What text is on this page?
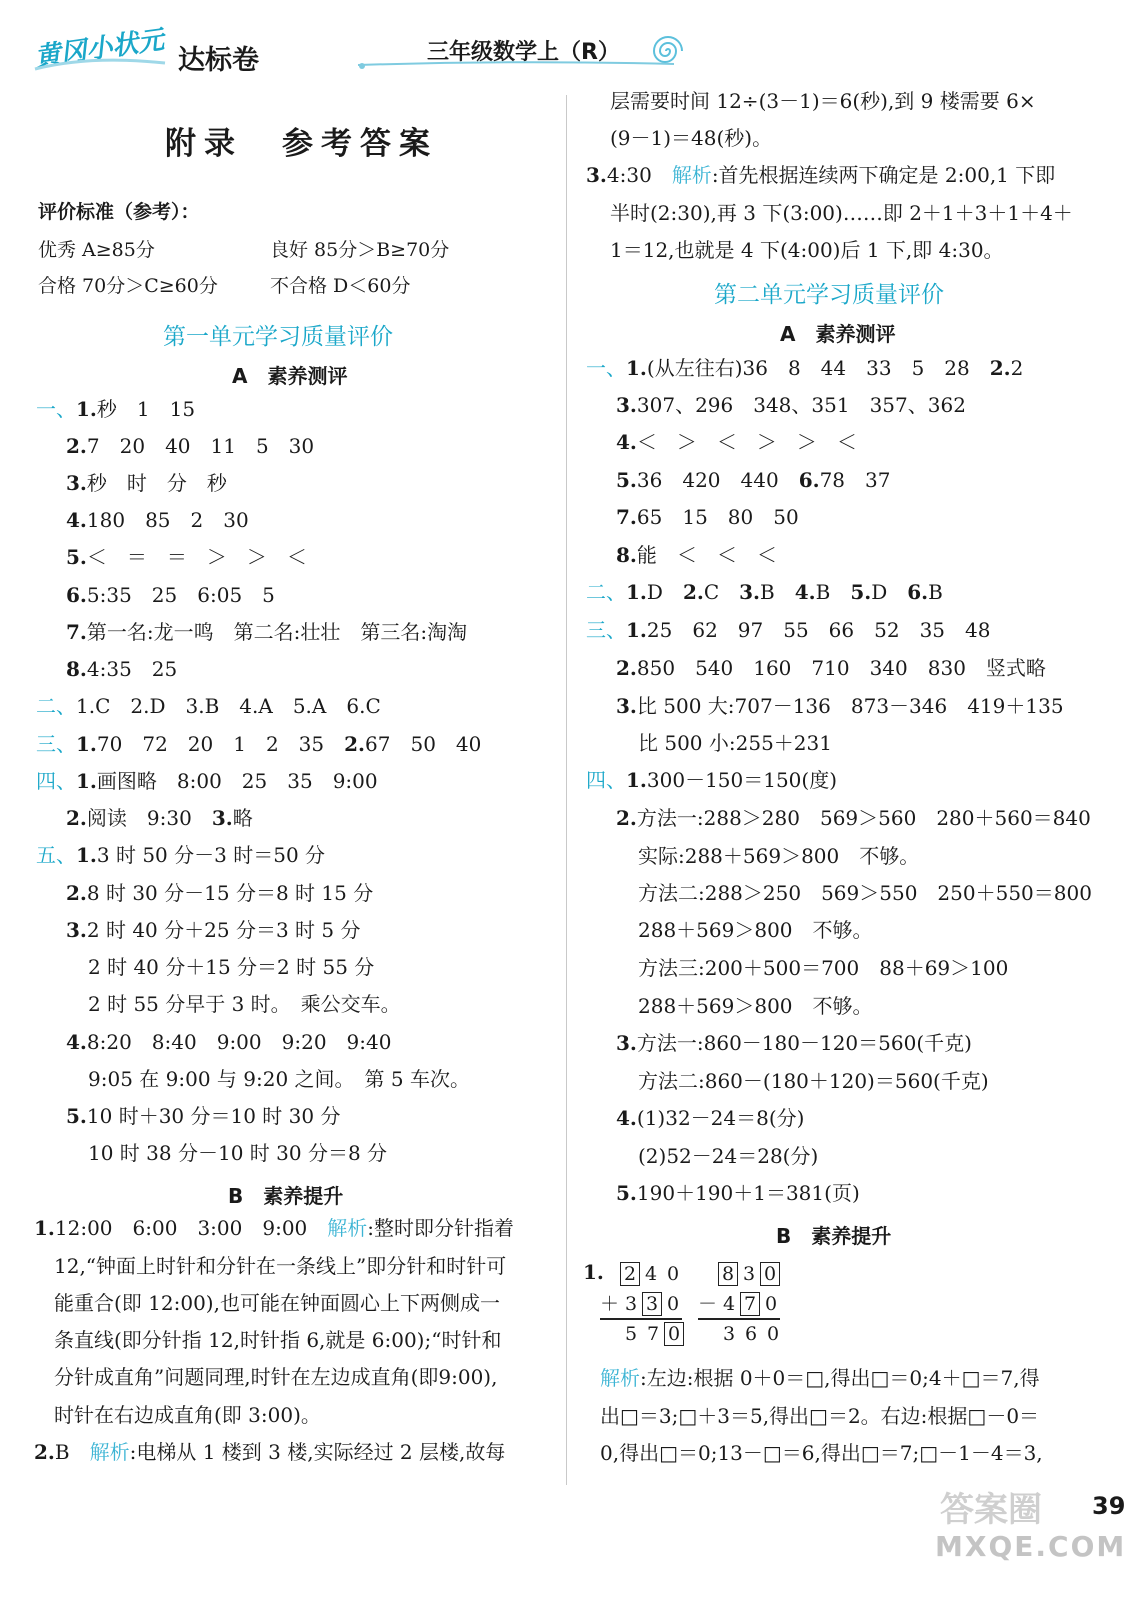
黄冈小状元 达标卷	三年级数学上（R）
附录　参考答案
评价标准（参考）：
优秀 A≥85分	良好 85分＞B≥70分
合格 70分＞C≥60分	不合格 D＜60分
第一单元学习质量评价
A　素养测评
一、1.秒　1　15
2.7　20　40　11　5　30
3.秒　时　分　秒
4.180　85　2　30
5.＜　＝　＝　＞　＞　＜
6.5:35　25　6:05　5
7.第一名:龙一鸣　第二名:壮壮　第三名:淘淘
8.4:35　25
二、1.C　2.D　3.B　4.A　5.A　6.C
三、1.70　72　20　1　2　35　2.67　50　40
四、1.画图略　8:00　25　35　9:00
2.阅读　9:30　3.略
五、1.3 时 50 分－3 时＝50 分
2.8 时 30 分－15 分＝8 时 15 分
3.2 时 40 分＋25 分＝3 时 5 分
2 时 40 分＋15 分＝2 时 55 分
2 时 55 分早于 3 时。　乘公交车。
4.8:20　8:40　9:00　9:20　9:40
9:05 在 9:00 与 9:20 之间。　第 5 车次。
5.10 时＋30 分＝10 时 30 分
10 时 38 分－10 时 30 分＝8 分
B　素养提升
1.12:00　6:00　3:00　9:00　解析:整时即分针指着
12,“钟面上时针和分针在一条线上”即分针和时针可
能重合(即 12:00),也可能在钟面圆心上下两侧成一
条直线(即分针指 12,时针指 6,就是 6:00);“时针和
分针成直角”问题同理,时针在左边成直角(即9:00),
时针在右边成直角(即 3:00)。
2.B　解析:电梯从 1 楼到 3 楼,实际经过 2 层楼,故每
层需要时间 12÷(3－1)＝6(秒),到 9 楼需要 6×
(9－1)＝48(秒)。
3.4:30　解析:首先根据连续两下确定是 2:00,1 下即
半时(2:30),再 3 下(3:00)……即 2＋1＋3＋1＋4＋
1＝12,也就是 4 下(4:00)后 1 下,即 4:30。
第二单元学习质量评价
A　素养测评
一、1.(从左往右)36　8　44　33　5　28　2.2
3.307、296　348、351　357、362
4.＜　＞　＜　＞　＞　＜
5.36　420　440　6.78　37
7.65　15　80　50
8.能　＜　＜　＜
二、1.D　2.C　3.B　4.B　5.D　6.B
三、1.25　62　97　55　66　52　35　48
2.850　540　160　710　340　830　竖式略
3.比 500 大:707－136　873－346　419＋135
比 500 小:255＋231
四、1.300－150＝150(度)
2.方法一:288＞280　569＞560　280＋560＝840
实际:288＋569＞800　不够。
方法二:288＞250　569＞550　250＋550＝800
288＋569＞800　不够。
方法三:200＋500＝700　88＋69＞100
288＋569＞800　不够。
3.方法一:860－180－120＝560(千克)
方法二:860－(180＋120)＝560(千克)
4.(1)32－24＝8(分)
(2)52－24＝28(分)
5.190＋190＋1＝381(页)
B　素养提升
1. 2 4 0
＋ 3 3 0
5 7 0
8 3 0
－ 4 7 0
3 6 0
解析:左边:根据 0＋0＝□,得出□＝0;4＋□＝7,得
出□＝3;□＋3＝5,得出□＝2。右边:根据□－0＝
0,得出□＝0;13－□＝6,得出□＝7;□－1－4＝3,
39
答案圈
MXQE.COM
